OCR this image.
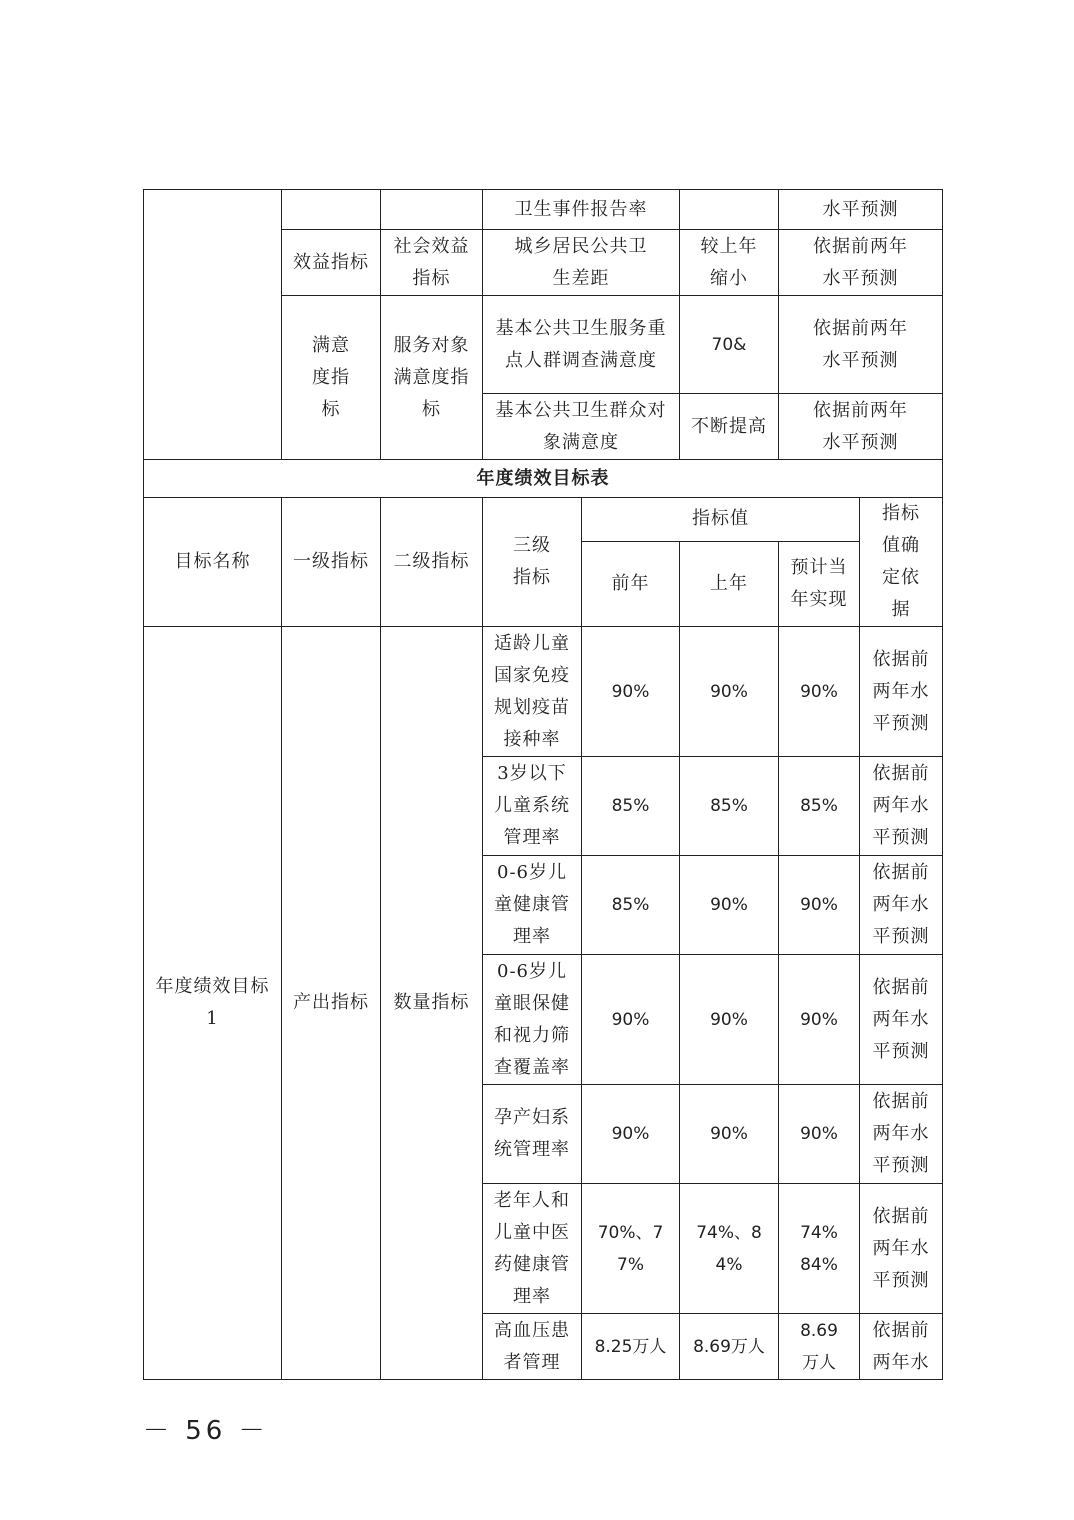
			卫生事件报告率			水平预测	
	效益指标	社会效益指标	城乡居民公共卫生差距		较上年缩小	依据前两年水平预测	
	满意度指标	服务对象满意度指标	基本公共卫生服务重点人群调查满意度		70&	依据前两年水平预测	
			基本公共卫生群众对象满意度		不断提高	依据前两年水平预测	
年度绩效目标表							
目标名称	一级指标	二级指标	三级指标	指标值			指标值确定依据
				前年	上年	预计当年实现	
年度绩效目标1	产出指标	数量指标	适龄儿童国家免疫规划疫苗接种率	90%	90%	90%	依据前两年水平预测
			3岁以下儿童系统管理率	85%	85%	85%	依据前两年水平预测
			0-6岁儿童健康管理率	85%	90%	90%	依据前两年水平预测
			0-6岁儿童眼保健和视力筛查覆盖率	90%	90%	90%	依据前两年水平预测
			孕产妇系统管理率	90%	90%	90%	依据前两年水平预测
			老年人和儿童中医药健康管理率	70%、77%	74%、84%	74% 84%	依据前两年水平预测
			高血压患者管理	8.25万人	8.69万人	8.69万人	依据前两年水
－ 56 －
